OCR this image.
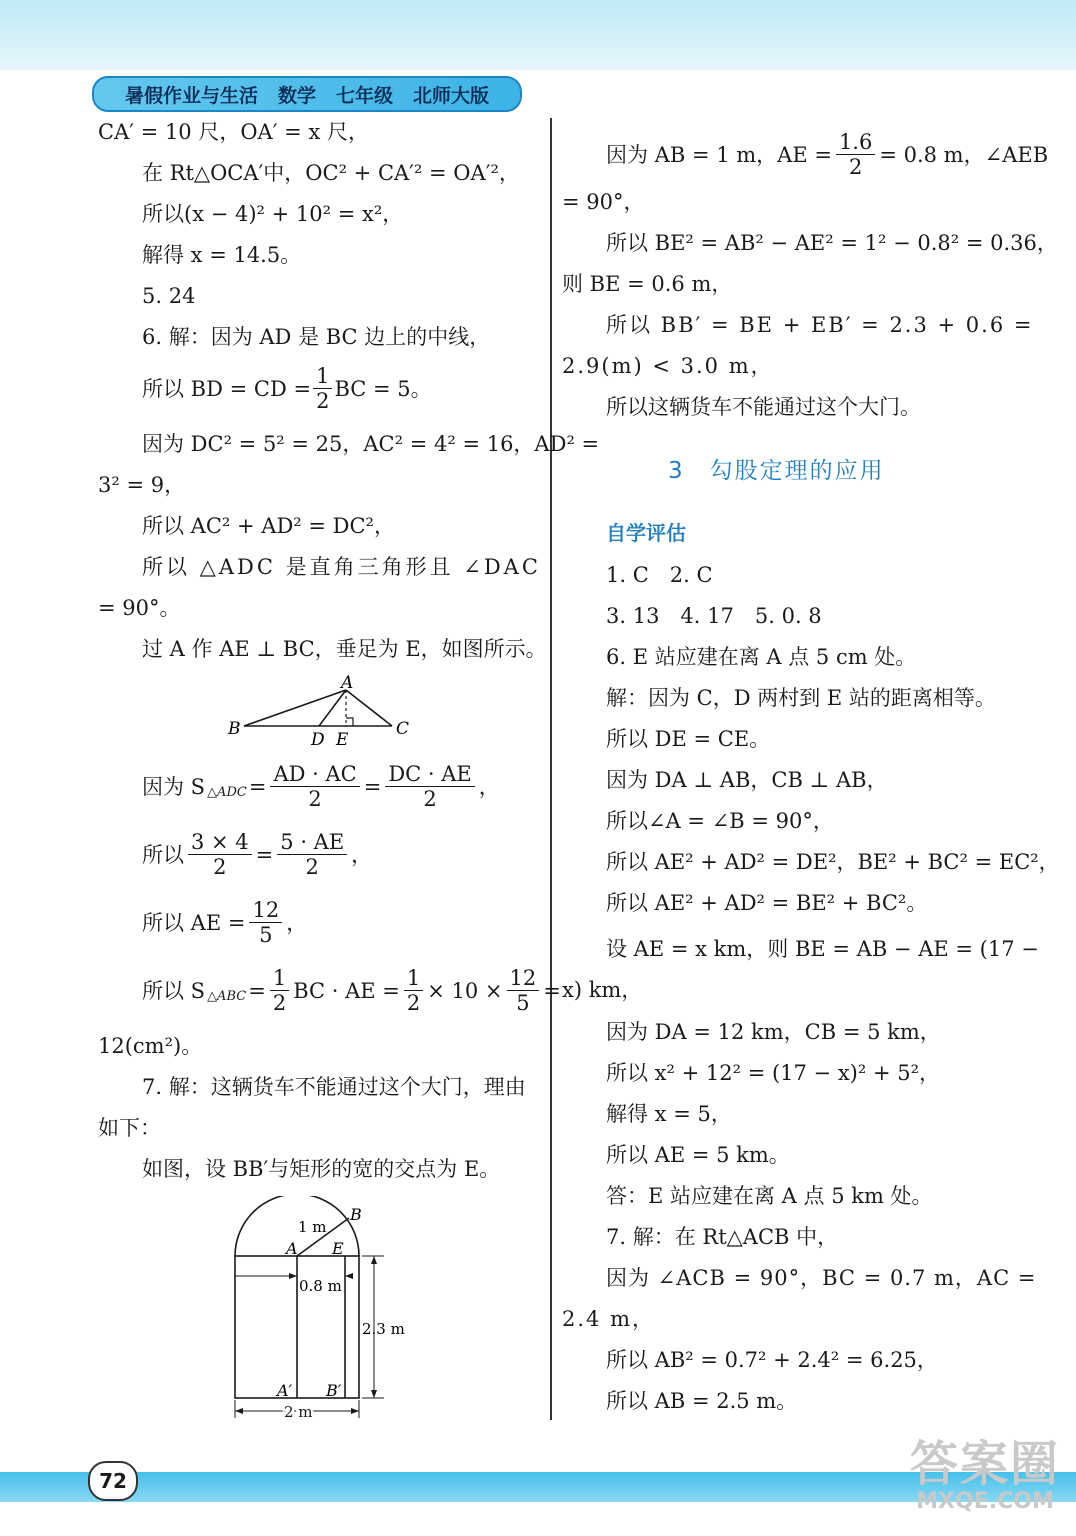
暑假作业与生活 数学 七年级 北师大版
CA′ = 10 尺，OA′ = x 尺，
在 Rt△OCA′中，OC² + CA′² = OA′²，
所以(x − 4)² + 10² = x²，
解得 x = 14.5。
5. 24
6. 解：因为 AD 是 BC 边上的中线，
所以 BD = CD = $\frac{1}{2}$ BC = 5。
因为 DC² = 5² = 25，AC² = 4² = 16，AD² =
3² = 9，
所以 AC² + AD² = DC²，
所以 △ADC 是直角三角形且 ∠DAC
= 90°。
过 A 作 AE ⊥ BC，垂足为 E，如图所示。
A
B	C
D E
因为 S △ADC = $\frac{AD \cdot AC}{2} = \frac{DC \cdot AE}{2}$ ，
所以 $\frac{3 \times 4}{2} = \frac{5 \cdot AE}{2}$ ，
所以 AE = $\frac{12}{5}$ ，
所以 S △ABC = $\frac{1}{2}$ BC · AE = $\frac{1}{2} \times 10 \times \frac{12}{5}$ =
12(cm²)。
7. 解：这辆货车不能通过这个大门，理由
如下：
如图，设 BB′与矩形的宽的交点为 E。
B
A E
A′ B′
1 m
0.8 m
2.3 m
2 m
因为 AB = 1 m，AE = $\frac{1.6}{2} = 0.8$ m，∠AEB
= 90°，
所以 BE² = AB² − AE² = 1² − 0.8² = 0.36，
则 BE = 0.6 m，
所以 BB′ = BE + EB′ = 2.3 + 0.6 =
2.9(m) < 3.0 m，
所以这辆货车不能通过这个大门。
3　勾股定理的应用
自学评估
1. C　2. C
3. 13　4. 17　5. 0. 8
6. E 站应建在离 A 点 5 cm 处。
解：因为 C，D 两村到 E 站的距离相等。
所以 DE = CE。
因为 DA ⊥ AB，CB ⊥ AB，
所以∠A = ∠B = 90°，
所以 AE² + AD² = DE²，BE² + BC² = EC²，
所以 AE² + AD² = BE² + BC²。
设 AE = x km，则 BE = AB − AE = (17 −
x) km，
因为 DA = 12 km，CB = 5 km，
所以 x² + 12² = (17 − x)² + 5²，
解得 x = 5，
所以 AE = 5 km。
答：E 站应建在离 A 点 5 km 处。
7. 解：在 Rt△ACB 中，
因为 ∠ACB = 90°，BC = 0.7 m，AC =
2.4 m，
所以 AB² = 0.7² + 2.4² = 6.25，
所以 AB = 2.5 m。
72	答案圈
MXQE.COM
